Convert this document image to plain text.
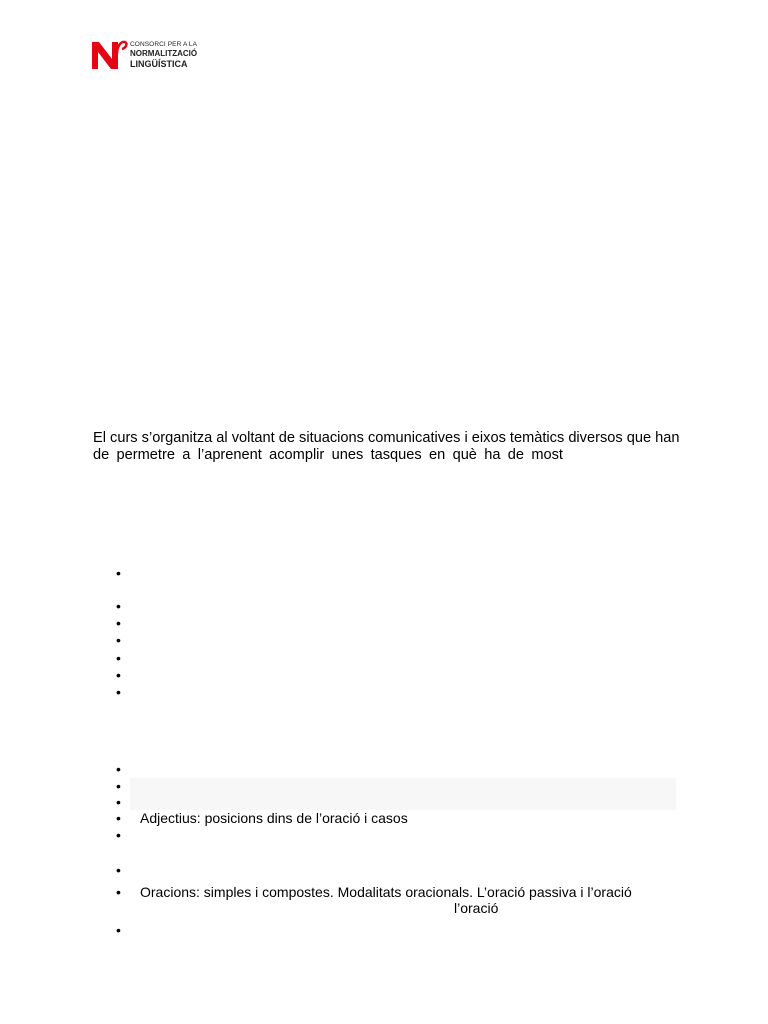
CONSORCI PER A LA
NORMALITZACIÓ
LINGÜÍSTICA
El curs s’organitza al voltant de situacions comunicatives i eixos temàtics diversos que han
de permetre a l’aprenent acomplir unes tasques en què ha de most
•
•
•
•
•
•
•
•
•
•
• Adjectius: posicions dins de l’oració i casos
•
•
• Oracions: simples i compostes. Modalitats oracionals. L’oració passiva i l’oració
l’oració
•
